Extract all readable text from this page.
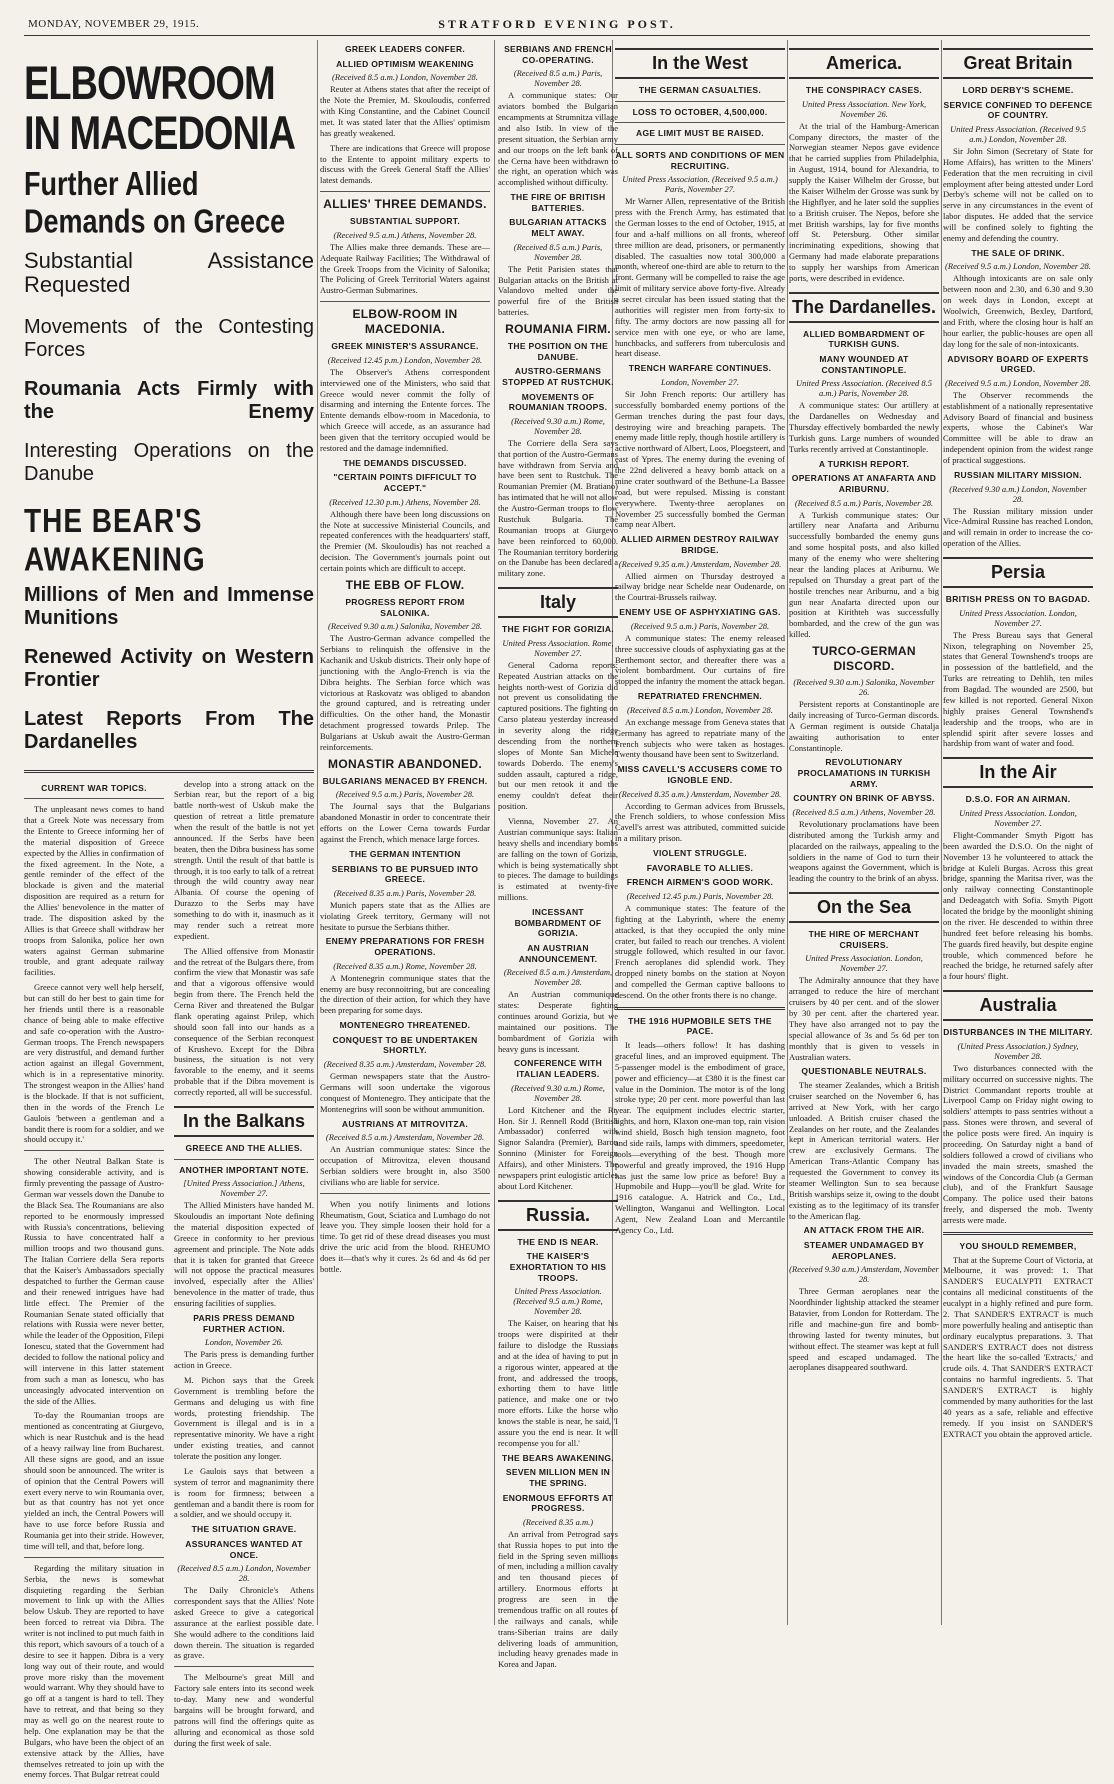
MONDAY, NOVEMBER 29, 1915.	STRATFORD EVENING POST.
ELBOWROOM IN MACEDONIA
Further Allied Demands on Greece
Substantial Assistance Requested
Movements of the Contesting Forces
Roumania Acts Firmly with the Enemy
Interesting Operations on the Danube
THE BEAR'S AWAKENING
Millions of Men and Immense Munitions
Renewed Activity on Western Frontier
Latest Reports From The Dardanelles
CURRENT WAR TOPICS.

The unpleasant news comes to hand that a Greek Note was necessary from the Entente to Greece informing her of the material disposition of Greece expected by the Allies in confirmation of the fixed agreement. In the Note, a gentle reminder of the effect of the blockade is given and the material disposition are required as a return for the Allies' benevolence in the matter of trade. The disposition asked by the Allies is that Greece shall withdraw her troops from Salonika, police her own waters against German submarine trouble, and grant adequate railway facilities.

Greece cannot very well help herself, but can still do her best to gain time for her friends until there is a reasonable chance of being able to make effective and safe co-operation with the Austro-German troops. The French newspapers are very distrustful, and demand further action against an illegal Government, which is in a representative minority. The strongest weapon in the Allies' hand is the blockade. If that is not sufficient, then in the words of the French Le Gaulois 'between a gentleman and a bandit there is room for a soldier, and we should occupy it.'

The other Neutral Balkan State is showing considerable activity, and is firmly preventing the passage of Austro-German war vessels down the Danube to the Black Sea. The Roumanians are also reported to be enormously impressed with Russia's concentrations, believing Russia to have concentrated half a million troops and two thousand guns. The Italian Corriere della Sera reports that the Kaiser's Ambassadors specially despatched to further the German cause and their renewed intrigues have had little effect. The Premier of the Roumanian Senate stated officially that relations with Russia were never better, while the leader of the Opposition, Filepi Ionescu, stated that the Government had decided to follow the national policy and will intervene in this latter statement from such a man as Ionescu, who has unceasingly advocated intervention on the side of the Allies.

To-day the Roumanian troops are mentioned as concentrating at Giurgevo, which is near Rustchuk and is the head of a heavy railway line from Bucharest. All these signs are good, and an issue should soon be announced. The writer is of opinion that the Central Powers will exert every nerve to win Roumania over, but as that country has not yet once yielded an inch, the Central Powers will have to use force before Russia and Roumania get into their stride. However, time will tell, and that, before long.

Regarding the military situation in Serbia, the news is somewhat disquieting regarding the Serbian movement to link up with the Allies below Uskub. They are reported to have been forced to retreat via Dibra. The writer is not inclined to put much faith in this report, which savours of a touch of a desire to see it happen. Dibra is a very long way out of their route, and would prove more risky than the movement would warrant. Why they should have to go off at a tangent is hard to tell. They have to retreat, and that being so they may as well go on the nearest route to help. One explanation may be that the Bulgars, who have been the object of an extensive attack by the Allies, have themselves retreated to join up with the enemy forces. That Bulgar retreat could

develop into a strong attack on the Serbian rear, but the report of a big battle north-west of Uskub make the question of retreat a little premature when the result of the battle is not yet announced. If the Serbs have been beaten, then the Dibra business has some strength. Until the result of that battle is through, it is too early to talk of a retreat through the wild country away near Albania. Of course the opening of Durazzo to the Serbs may have something to do with it, inasmuch as it may render such a retreat more expedient.

The Allied offensive from Monastir and the retreat of the Bulgars there, from confirm the view that Monastir was safe and that a vigorous offensive would begin from there. The French held the Cerna River and threatened the Bulgar flank operating against Prilep, which should soon fall into our hands as a consequence of the Serbian reconquest of Krushevo. Except for the Dibra business, the situation is not very favorable to the enemy, and it seems probable that if the Dibra movement is correctly reported, all will be successful.

In the Balkans
GREECE AND THE ALLIES.
ANOTHER IMPORTANT NOTE.
[United Press Association.] Athens, November 27.

The Allied Ministers have handed M. Skouloudis an important Note defining the material disposition expected of Greece in conformity to her previous agreement and principle. The Note adds that it is taken for granted that Greece will not oppose the practical measures involved, especially after the Allies' benevolence in the matter of trade, thus ensuring facilities of supplies.

PARIS PRESS DEMAND FURTHER ACTION.
London, November 26.

The Paris press is demanding further action in Greece.

M. Pichon says that the Greek Government is trembling before the Germans and deluging us with fine words, protesting friendship. The Government is illegal and is in a representative minority. We have a right under existing treaties, and cannot tolerate the position any longer.

Le Gaulois says that between a system of terror and magnanimity there is room for firmness; between a gentleman and a bandit there is room for a soldier, and we should occupy it.

THE SITUATION GRAVE.
ASSURANCES WANTED AT ONCE.
(Received 8.5 a.m.) London, November 28.

The Daily Chronicle's Athens correspondent says that the Allies' Note asked Greece to give a categorical assurance at the earliest possible date. She would adhere to the conditions laid down therein. The situation is regarded as grave.

The Melbourne's great Mill and Factory sale enters into its second week to-day. Many new and wonderful bargains will be brought forward, and patrons will find the offerings quite as alluring and economical as those sold during the first week of sale.

GREEK LEADERS CONFER.
ALLIED OPTIMISM WEAKENING
(Received 8.5 a.m.) London, November 28.

Reuter at Athens states that after the receipt of the Note the Premier, M. Skouloudis, conferred with King Constantine, and the Cabinet Council met. It was stated later that the Allies' optimism has greatly weakened.

There are indications that Greece will propose to the Entente to appoint military experts to discuss with the Greek General Staff the Allies' latest demands.

ALLIES' THREE DEMANDS.
SUBSTANTIAL SUPPORT.
(Received 9.5 a.m.) Athens, November 28.

The Allies make three demands. These are— Adequate Railway Facilities; The Withdrawal of the Greek Troops from the Vicinity of Salonika; The Policing of Greek Territorial Waters against Austro-German Submarines.

ELBOW-ROOM IN MACEDONIA.
GREEK MINISTER'S ASSURANCE.
(Received 12.45 p.m.) London, November 28.

The Observer's Athens correspondent interviewed one of the Ministers, who said that Greece would never commit the folly of disarming and interning the Entente forces. The Entente demands elbow-room in Macedonia, to which Greece will accede, as an assurance had been given that the territory occupied would be restored and the damage indemnified.

THE DEMANDS DISCUSSED.
"CERTAIN POINTS DIFFICULT TO ACCEPT."
(Received 12.30 p.m.) Athens, November 28.

Although there have been long discussions on the Note at successive Ministerial Councils, and repeated conferences with the headquarters' staff, the Premier (M. Skouloudis) has not reached a decision. The Government's journals point out certain points which are difficult to accept.

THE EBB OF FLOW.
PROGRESS REPORT FROM SALONIKA.
(Received 9.30 a.m.) Salonika, November 28.

The Austro-German advance compelled the Serbians to relinquish the offensive in the Kachanik and Uskub districts. Their only hope of junctioning with the Anglo-French is via the Dibra heights. The Serbian force which was victorious at Raskovatz was obliged to abandon the ground captured, and is retreating under difficulties. On the other hand, the Monastir detachment progressed towards Prilep. The Bulgarians at Uskub await the Austro-German reinforcements.

MONASTIR ABANDONED.
BULGARIANS MENACED BY FRENCH.
(Received 9.5 a.m.) Paris, November 28.

The Journal says that the Bulgarians abandoned Monastir in order to concentrate their efforts on the Lower Cerna towards Furdar against the French, which menace large forces.

THE GERMAN INTENTION
SERBIANS TO BE PURSUED INTO GREECE.
(Received 8.35 a.m.) Paris, November 28.

Munich papers state that as the Allies are violating Greek territory, Germany will not hesitate to pursue the Serbians thither.

ENEMY PREPARATIONS FOR FRESH OPERATIONS.
(Received 8.35 a.m.) Rome, November 28.

A Montenegrin communique states that the enemy are busy reconnoitring, but are concealing the direction of their action, for which they have been preparing for some days.

MONTENEGRO THREATENED.
CONQUEST TO BE UNDERTAKEN SHORTLY.
(Received 8.35 a.m.) Amsterdam, November 28.

German newspapers state that the Austro-Germans will soon undertake the vigorous conquest of Montenegro. They anticipate that the Montenegrins will soon be without ammunition.

AUSTRIANS AT MITROVITZA.
(Received 8.5 a.m.) Amsterdam, November 28.

An Austrian communique states: Since the occupation of Mitrovitza, eleven thousand Serbian soldiers were brought in, also 3500 civilians who are liable for service.

When you notify liniments and lotions Rheumatism, Gout, Sciatica and Lumbago do not leave you. They simple loosen their hold for a time. To get rid of these dread diseases you must drive the uric acid from the blood. RHEUMO does it—that's why it cures. 2s 6d and 4s 6d per bottle.

SERBIANS AND FRENCH CO-OPERATING.
(Received 8.5 a.m.) Paris, November 28.

A communique states: Our aviators bombed the Bulgarian encampments at Strumnitza village and also Istib. In view of the present situation, the Serbian army and our troops on the left bank of the Cerna have been withdrawn to the right, an operation which was accomplished without difficulty.

THE FIRE OF BRITISH BATTERIES.
BULGARIAN ATTACKS MELT AWAY.
(Received 8.5 a.m.) Paris, November 28.

The Petit Parisien states that Bulgarian attacks on the British at Valandovo melted under the powerful fire of the British batteries.

ROUMANIA FIRM.
THE POSITION ON THE DANUBE.
AUSTRO-GERMANS STOPPED AT RUSTCHUK.
MOVEMENTS OF ROUMANIAN TROOPS.
(Received 9.30 a.m.) Rome, November 28.

The Corriere della Sera says that portion of the Austro-Germans have withdrawn from Servia and have been sent to Rustchuk. The Roumanian Premier (M. Bratiano) has intimated that he will not allow the Austro-German troops to flow Rustchuk Bulgaria. The Roumanian troops at Giurgevo have been reinforced to 60,000. The Roumanian territory bordering on the Danube has been declared a military zone.

Italy
THE FIGHT FOR GORIZIA.
United Press Association. Rome, November 27.

General Cadorna reports: Repeated Austrian attacks on the heights north-west of Gorizia did not prevent us consolidating the captured positions. The fighting on Carso plateau yesterday increased in severity along the ridge descending from the northern slopes of Monte San Michele towards Doberdo. The enemy's sudden assault, captured a ridge, but our men retook it and the enemy couldn't defeat their position.

Vienna, November 27. An Austrian communique says: Italian heavy shells and incendiary bombs are falling on the town of Gorizia, which is being systematically shot to pieces. The damage to buildings is estimated at twenty-five millions.

INCESSANT BOMBARDMENT OF GORIZIA.
AN AUSTRIAN ANNOUNCEMENT.
(Received 8.5 a.m.) Amsterdam, November 28.

An Austrian communique states: Desperate fighting continues around Gorizia, but we maintained our positions. The bombardment of Gorizia with heavy guns is incessant.

CONFERENCE WITH ITALIAN LEADERS.
(Received 9.30 a.m.) Rome, November 28.

Lord Kitchener and the Rt. Hon. Sir J. Rennell Rodd (British Ambassador) conferred with Signor Salandra (Premier), Baron Sonnino (Minister for Foreign Affairs), and other Ministers. The newspapers print eulogistic articles about Lord Kitchener.

Russia.
THE END IS NEAR.
THE KAISER'S EXHORTATION TO HIS TROOPS.
United Press Association. (Received 9.5 a.m.) Rome, November 28.

The Kaiser, on hearing that his troops were dispirited at their failure to dislodge the Russians and at the idea of having to put in a rigorous winter, appeared at the front, and addressed the troops, exhorting them to have little patience, and make one or two more efforts. Like the horse who knows the stable is near, he said, 'I assure you the end is near. It will recompense you for all.'

THE BEARS AWAKENING.
SEVEN MILLION MEN IN THE SPRING.
ENORMOUS EFFORTS AT PROGRESS.
(Received 8.35 a.m.)

An arrival from Petrograd says that Russia hopes to put into the field in the Spring seven millions of men, including a million cavalry and ten thousand pieces of artillery. Enormous efforts at progress are seen in the tremendous traffic on all routes of the railways and canals, while trans-Siberian trains are daily delivering loads of ammunition, including heavy grenades made in Korea and Japan.

In the West
THE GERMAN CASUALTIES.
LOSS TO OCTOBER, 4,500,000.
AGE LIMIT MUST BE RAISED.
ALL SORTS AND CONDITIONS OF MEN RECRUITING.
United Press Association. (Received 9.5 a.m.) Paris, November 27.

Mr Warner Allen, representative of the British press with the French Army, has estimated that the German losses to the end of October, 1915, at four and a-half millions on all fronts, whereof three million are dead, prisoners, or permanently disabled. The casualties now total 300,000 a month, whereof one-third are able to return to the front. Germany will be compelled to raise the age limit of military service above forty-five. Already a secret circular has been issued stating that the authorities will register men from forty-six to fifty. The army doctors are now passing all for service men with one eye, or who are lame, hunchbacks, and sufferers from tuberculosis and heart disease.

TRENCH WARFARE CONTINUES.
London, November 27.

Sir John French reports: Our artillery has successfully bombarded enemy portions of the German trenches during the past four days, destroying wire and breaching parapets. The enemy made little reply, though hostile artillery is active northward of Albert, Loos, Ploegsteert, and east of Ypres. The enemy during the evening of the 22nd delivered a heavy bomb attack on a mine crater southward of the Bethune-La Bassee road, but were repulsed. Missing is constant everywhere. Twenty-three aeroplanes on November 25 successfully bombed the German camp near Albert.

ALLIED AIRMEN DESTROY RAILWAY BRIDGE.
(Received 9.35 a.m.) Amsterdam, November 28.

Allied airmen on Thursday destroyed a railway bridge near Schelde near Oudenarde, on the Courtrai-Brussels railway.

ENEMY USE OF ASPHYXIATING GAS.
(Received 9.5 a.m.) Paris, November 28.

A communique states: The enemy released three successive clouds of asphyxiating gas at the Berthemont sector, and thereafter there was a violent bombardment. Our curtains of fire stopped the infantry the moment the attack began.

REPATRIATED FRENCHMEN.
(Received 8.5 a.m.) London, November 28.

An exchange message from Geneva states that Germany has agreed to repatriate many of the French subjects who were taken as hostages. Twenty thousand have been sent to Switzerland.

MISS CAVELL'S ACCUSERS COME TO IGNOBLE END.
(Received 8.35 a.m.) Amsterdam, November 28.

According to German advices from Brussels, the French soldiers, to whose confession Miss Cavell's arrest was attributed, committed suicide in a military prison.

VIOLENT STRUGGLE.
FAVORABLE TO ALLIES.
FRENCH AIRMEN'S GOOD WORK.
(Received 12.45 p.m.) Paris, November 28.

A communique states: The feature of the fighting at the Labyrinth, where the enemy attacked, is that they occupied the only mine crater, but failed to reach our trenches. A violent struggle followed, which resulted in our favor. French aeroplanes did splendid work. They dropped ninety bombs on the station at Noyon and compelled the German captive balloons to descend. On the other fronts there is no change.

THE 1916 HUPMOBILE SETS THE PACE.

It leads—others follow! It has dashing graceful lines, and an improved equipment. The 5-passenger model is the embodiment of grace, power and efficiency—at £380 it is the finest car value in the Dominion. The motor is of the long stroke type; 20 per cent. more powerful than last year. The equipment includes electric starter, lights, and horn, Klaxon one-man top, rain vision wind shield, Bosch high tension magneto, foot and side rails, lamps with dimmers, speedometer, tools—everything of the best. Though more powerful and greatly improved, the 1916 Hupp has just the same low price as before! Buy a Hupmobile and Hupp—you'll be glad. Write for 1916 catalogue. A. Hatrick and Co., Ltd., Wellington, Wanganui and Wellington. Local Agent, New Zealand Loan and Mercantile Agency Co., Ltd.

America.
THE CONSPIRACY CASES.
United Press Association. New York, November 26.

At the trial of the Hamburg-American Company directors, the master of the Norwegian steamer Nepos gave evidence that he carried supplies from Philadelphia, in August, 1914, bound for Alexandria, to supply the Kaiser Wilhelm der Grosse, but the Kaiser Wilhelm der Grosse was sunk by the Highflyer, and he later sold the supplies to a British cruiser. The Nepos, before she met British warships, lay for five months off St. Petersburg. Other similar incriminating expeditions, showing that Germany had made elaborate preparations to supply her warships from American ports, were described in evidence.

The Dardanelles.
ALLIED BOMBARDMENT OF TURKISH GUNS.
MANY WOUNDED AT CONSTANTINOPLE.
United Press Association. (Received 8.5 a.m.) Paris, November 28.

A communique states: Our artillery at the Dardanelles on Wednesday and Thursday effectively bombarded the newly Turkish guns. Large numbers of wounded Turks recently arrived at Constantinople.

A TURKISH REPORT.
OPERATIONS AT ANAFARTA AND ARIBURNU.
(Received 8.5 a.m.) Paris, November 28.

A Turkish communique states: Our artillery near Anafarta and Ariburnu successfully bombarded the enemy guns and some hospital posts, and also killed many of the enemy who were sheltering near the landing places at Ariburnu. We repulsed on Thursday a great part of the hostile trenches near Ariburnu, and a big gun near Anafarta directed upon our position at Kirithteh was successfully bombarded, and the crew of the gun was killed.

TURCO-GERMAN DISCORD.
(Received 9.30 a.m.) Salonika, November 26.

Persistent reports at Constantinople are daily increasing of Turco-German discords. A German regiment is outside Chatalja awaiting authorisation to enter Constantinople.

REVOLUTIONARY PROCLAMATIONS IN TURKISH ARMY.
COUNTRY ON BRINK OF ABYSS.
(Received 8.5 a.m.) Athens, November 28.

Revolutionary proclamations have been distributed among the Turkish army and placarded on the railways, appealing to the soldiers in the name of God to turn their weapons against the Government, which is leading the country to the brink of an abyss.

On the Sea
THE HIRE OF MERCHANT CRUISERS.
United Press Association. London, November 27.

The Admiralty announce that they have arranged to reduce the hire of merchant cruisers by 40 per cent. and of the slower by 30 per cent. after the chartered year. They have also arranged not to pay the special allowance of 3s and 5s 6d per ton monthly that is given to vessels in Australian waters.

QUESTIONABLE NEUTRALS.

The steamer Zealandes, which a British cruiser searched on the November 6, has arrived at New York, with her cargo unloaded. A British cruiser chased the Zealandes on her route, and the Zealandes kept in American territorial waters. Her crew are exclusively Germans. The American Trans-Atlantic Company has requested the Government to convey its steamer Wellington Sun to sea because British warships seize it, owing to the doubt existing as to the legitimacy of its transfer to the American flag.

AN ATTACK FROM THE AIR.
STEAMER UNDAMAGED BY AEROPLANES.
(Received 9.30 a.m.) Amsterdam, November 28.

Three German aeroplanes near the Noordhinder lightship attacked the steamer Batavier, from London for Rotterdam. The rifle and machine-gun fire and bomb-throwing lasted for twenty minutes, but without effect. The steamer was kept at full speed and escaped undamaged. The aeroplanes disappeared southward.

Great Britain
LORD DERBY'S SCHEME.
SERVICE CONFINED TO DEFENCE OF COUNTRY.
United Press Association. (Received 9.5 a.m.) London, November 28.

Sir John Simon (Secretary of State for Home Affairs), has written to the Miners' Federation that the men recruiting in civil employment after being attested under Lord Derby's scheme will not be called on to serve in any circumstances in the event of labor disputes. He added that the service will be confined solely to fighting the enemy and defending the country.

THE SALE OF DRINK.
(Received 9.5 a.m.) London, November 28.

Although intoxicants are on sale only between noon and 2.30, and 6.30 and 9.30 on week days in London, except at Woolwich, Greenwich, Bexley, Dartford, and Frith, where the closing hour is half an hour earlier, the public-houses are open all day long for the sale of non-intoxicants.

ADVISORY BOARD OF EXPERTS URGED.
(Received 9.5 a.m.) London, November 28.

The Observer recommends the establishment of a nationally representative Advisory Board of financial and business experts, whose the Cabinet's War Committee will be able to draw an independent opinion from the widest range of practical suggestions.

RUSSIAN MILITARY MISSION.
(Received 9.30 a.m.) London, November 28.

The Russian military mission under Vice-Admiral Russine has reached London, and will remain in order to increase the co-operation of the Allies.

Persia
BRITISH PRESS ON TO BAGDAD.
United Press Association. London, November 27.

The Press Bureau says that General Nixon, telegraphing on November 25, states that General Townshend's troops are in possession of the battlefield, and the Turks are retreating to Dehlih, ten miles from Bagdad. The wounded are 2500, but few killed is not reported. General Nixon highly praises General Townshend's leadership and the troops, who are in splendid spirit after severe losses and hardship from want of water and food.

In the Air
D.S.O. FOR AN AIRMAN.
United Press Association. London, November 27.

Flight-Commander Smyth Pigott has been awarded the D.S.O. On the night of November 13 he volunteered to attack the bridge at Kuleli Burgas. Across this great bridge, spanning the Maritsa river, was the only railway connecting Constantinople and Dedeagatch with Sofia. Smyth Pigott located the bridge by the moonlight shining on the river. He descended to within three hundred feet before releasing his bombs. The guards fired heavily, but despite engine trouble, which commenced before he reached the bridge, he returned safely after a four hours' flight.

Australia
DISTURBANCES IN THE MILITARY.
(United Press Association.) Sydney, November 28.

Two disturbances connected with the military occurred on successive nights. The District Commandant reports trouble at Liverpool Camp on Friday night owing to soldiers' attempts to pass sentries without a pass. Stones were thrown, and several of the police posts were fired. An inquiry is proceeding. On Saturday night a band of soldiers followed a crowd of civilians who invaded the main streets, smashed the windows of the Concordia Club (a German club), and of the Frankfurt Sausage Company. The police used their batons freely, and dispersed the mob. Twenty arrests were made.

YOU SHOULD REMEMBER,

That at the Supreme Court of Victoria, at Melbourne, it was proved: 1. That SANDER'S EUCALYPTI EXTRACT contains all medicinal constituents of the eucalypt in a highly refined and pure form. 2. That SANDER'S EXTRACT is much more powerfully healing and antiseptic than ordinary eucalyptus preparations. 3. That SANDER'S EXTRACT does not distress the heart like the so-called 'Extracts,' and crude oils. 4. That SANDER'S EXTRACT contains no harmful ingredients. 5. That SANDER'S EXTRACT is highly commended by many authorities for the last 40 years as a safe, reliable and effective remedy. If you insist on SANDER'S EXTRACT you obtain the approved article.
